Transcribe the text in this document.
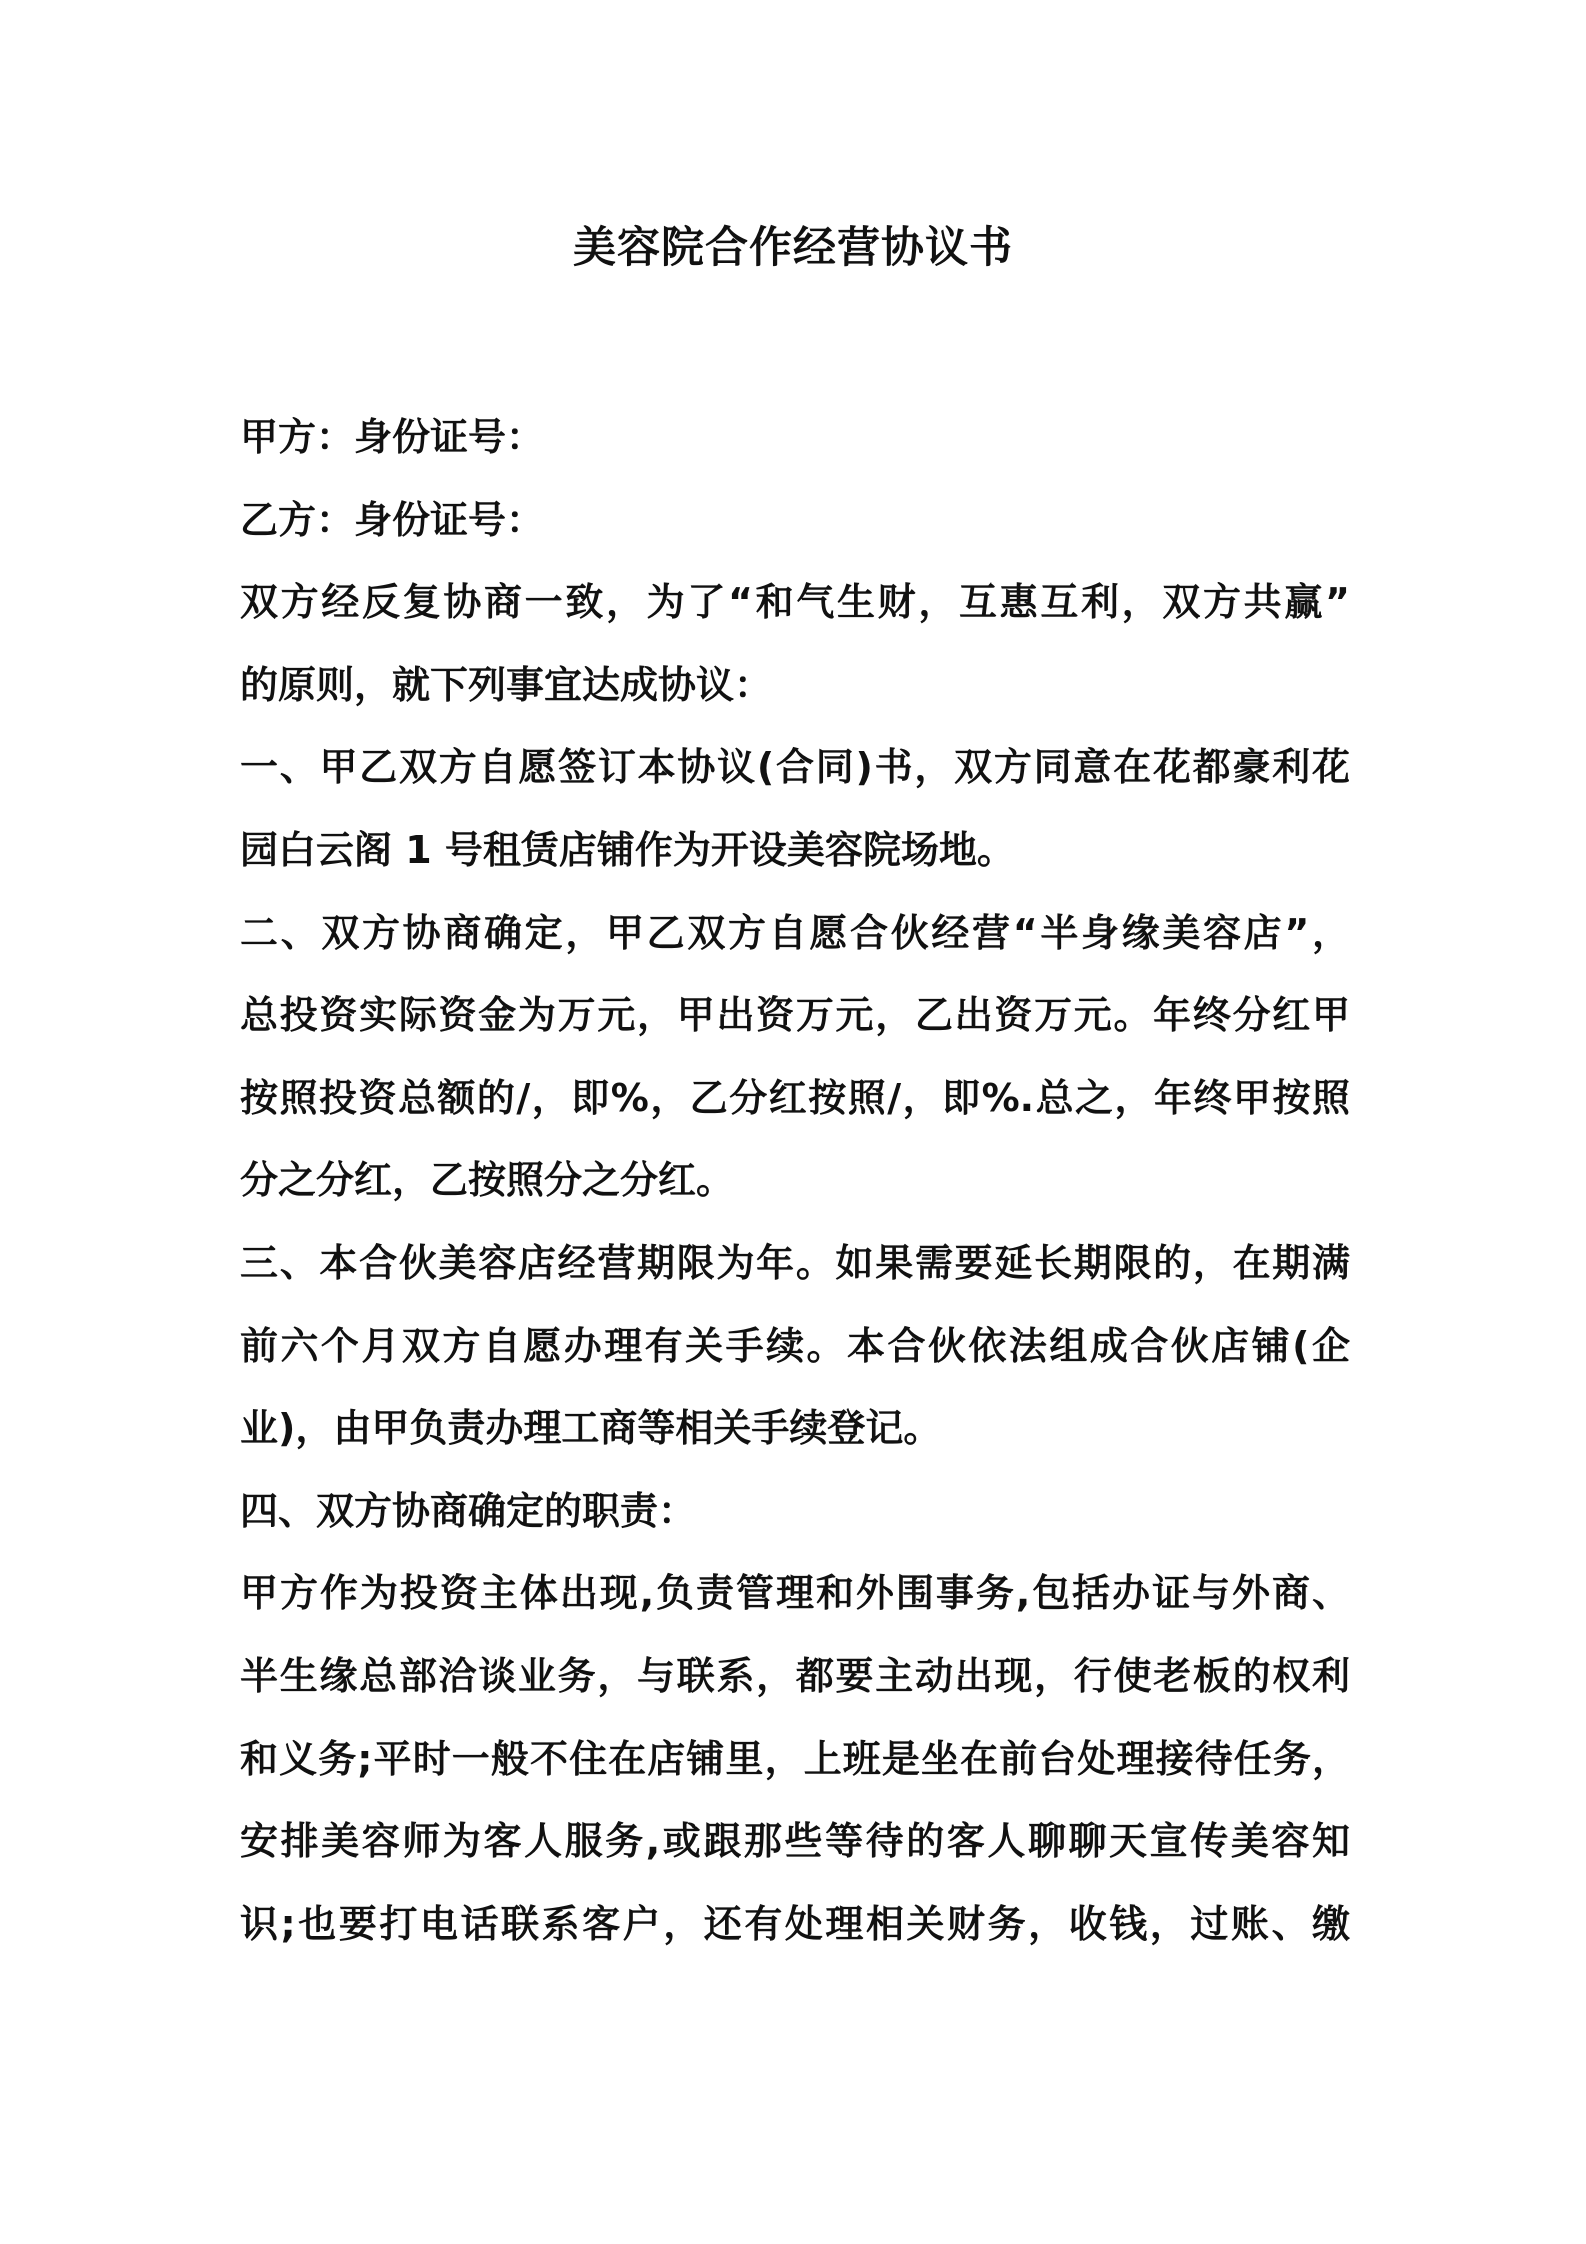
美容院合作经营协议书
甲方：身份证号：
乙方：身份证号：
双方经反复协商一致，为了“和气生财，互惠互利，双方共赢”
的原则，就下列事宜达成协议：
一、甲乙双方自愿签订本协议(合同)书，双方同意在花都豪利花
园白云阁 1 号租赁店铺作为开设美容院场地。
二、双方协商确定，甲乙双方自愿合伙经营“半身缘美容店”，
总投资实际资金为万元，甲出资万元，乙出资万元。年终分红甲
按照投资总额的/，即%，乙分红按照/，即%.总之，年终甲按照
分之分红，乙按照分之分红。
三、本合伙美容店经营期限为年。如果需要延长期限的，在期满
前六个月双方自愿办理有关手续。本合伙依法组成合伙店铺(企
业)，由甲负责办理工商等相关手续登记。
四、双方协商确定的职责：
甲方作为投资主体出现,负责管理和外围事务,包括办证与外商、
半生缘总部洽谈业务，与联系，都要主动出现，行使老板的权利
和义务;平时一般不住在店铺里，上班是坐在前台处理接待任务，
安排美容师为客人服务,或跟那些等待的客人聊聊天宣传美容知
识;也要打电话联系客户，还有处理相关财务，收钱，过账、缴
